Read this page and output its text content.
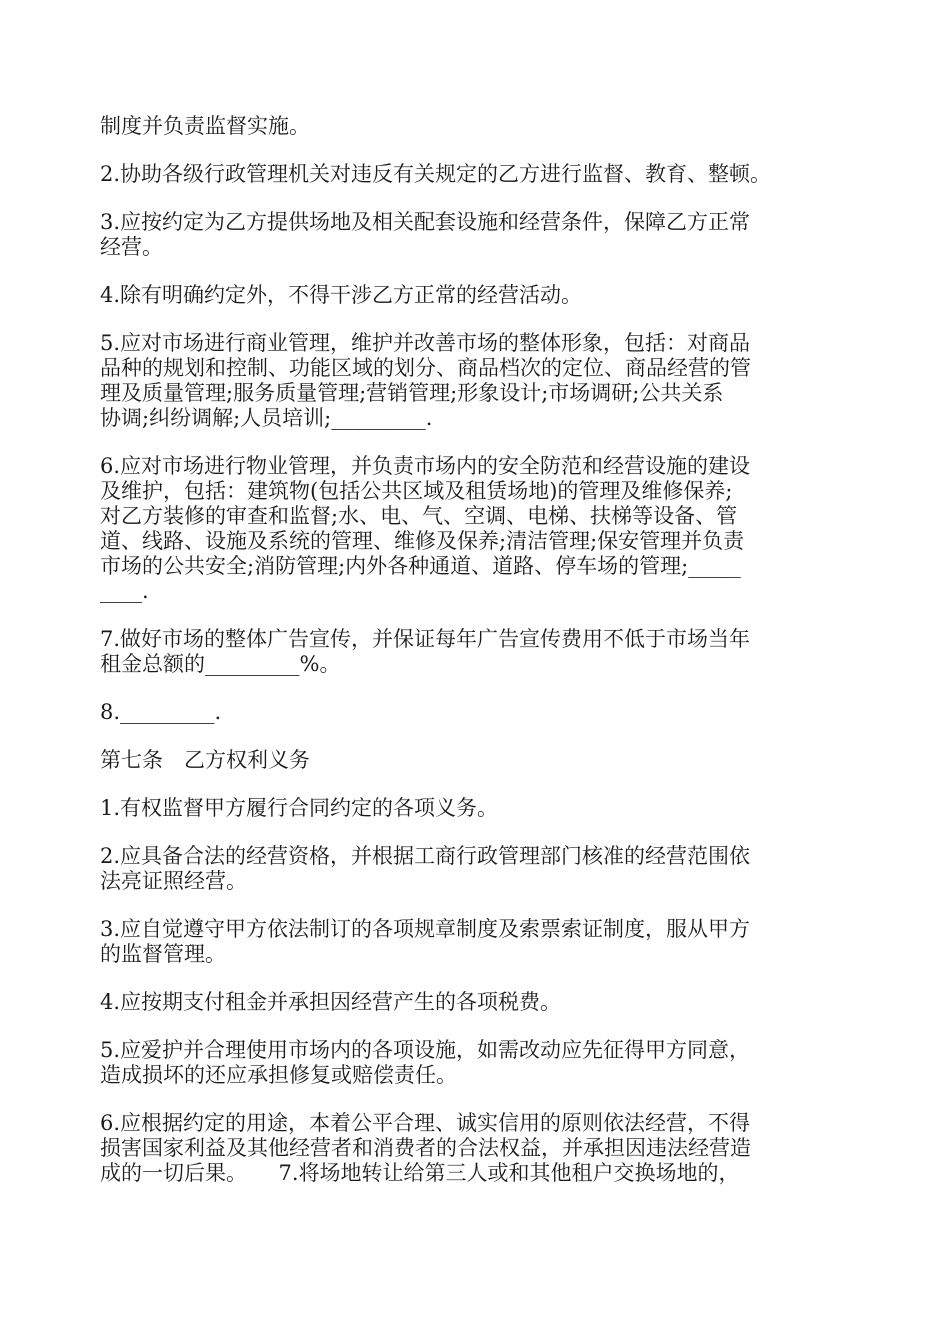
制度并负责监督实施。
2.协助各级行政管理机关对违反有关规定的乙方进行监督、教育、整顿。
3.应按约定为乙方提供场地及相关配套设施和经营条件，保障乙方正常
经营。
4.除有明确约定外，不得干涉乙方正常的经营活动。
5.应对市场进行商业管理，维护并改善市场的整体形象，包括：对商品
品种的规划和控制、功能区域的划分、商品档次的定位、商品经营的管
理及质量管理;服务质量管理;营销管理;形象设计;市场调研;公共关系
协调;纠纷调解;人员培训;_________.
6.应对市场进行物业管理，并负责市场内的安全防范和经营设施的建设
及维护，包括：建筑物(包括公共区域及租赁场地)的管理及维修保养;
对乙方装修的审查和监督;水、电、气、空调、电梯、扶梯等设备、管
道、线路、设施及系统的管理、维修及保养;清洁管理;保安管理并负责
市场的公共安全;消防管理;内外各种通道、道路、停车场的管理;_____
____.
7.做好市场的整体广告宣传，并保证每年广告宣传费用不低于市场当年
租金总额的_________%。
8._________.
第七条　乙方权利义务
1.有权监督甲方履行合同约定的各项义务。
2.应具备合法的经营资格，并根据工商行政管理部门核准的经营范围依
法亮证照经营。
3.应自觉遵守甲方依法制订的各项规章制度及索票索证制度，服从甲方
的监督管理。
4.应按期支付租金并承担因经营产生的各项税费。
5.应爱护并合理使用市场内的各项设施，如需改动应先征得甲方同意，
造成损坏的还应承担修复或赔偿责任。
6.应根据约定的用途，本着公平合理、诚实信用的原则依法经营，不得
损害国家利益及其他经营者和消费者的合法权益，并承担因违法经营造
成的一切后果。　　7.将场地转让给第三人或和其他租户交换场地的，
